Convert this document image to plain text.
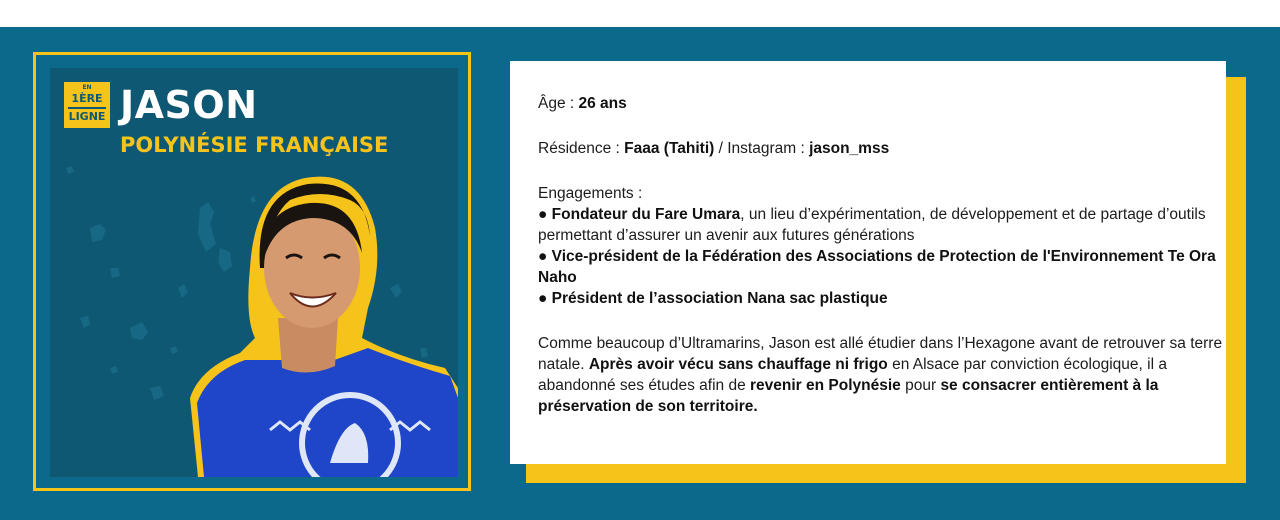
EN
1ÈRE
LIGNE JASON
POLYNÉSIE FRANÇAISE

Âge : 26 ans

Résidence : Faaa (Tahiti) / Instagram : jason_mss

Engagements :

● Fondateur du Fare Umara, un lieu d’expérimentation, de développement et de partage d’outils permettant d’assurer un avenir aux futures générations
● Vice-président de la Fédération des Associations de Protection de l'Environnement Te Ora Naho
● Président de l’association Nana sac plastique

Comme beaucoup d’Ultramarins, Jason est allé étudier dans l’Hexagone avant de retrouver sa terre natale. Après avoir vécu sans chauffage ni frigo en Alsace par conviction écologique, il a abandonné ses études afin de revenir en Polynésie pour se consacrer entièrement à la préservation de son territoire.
